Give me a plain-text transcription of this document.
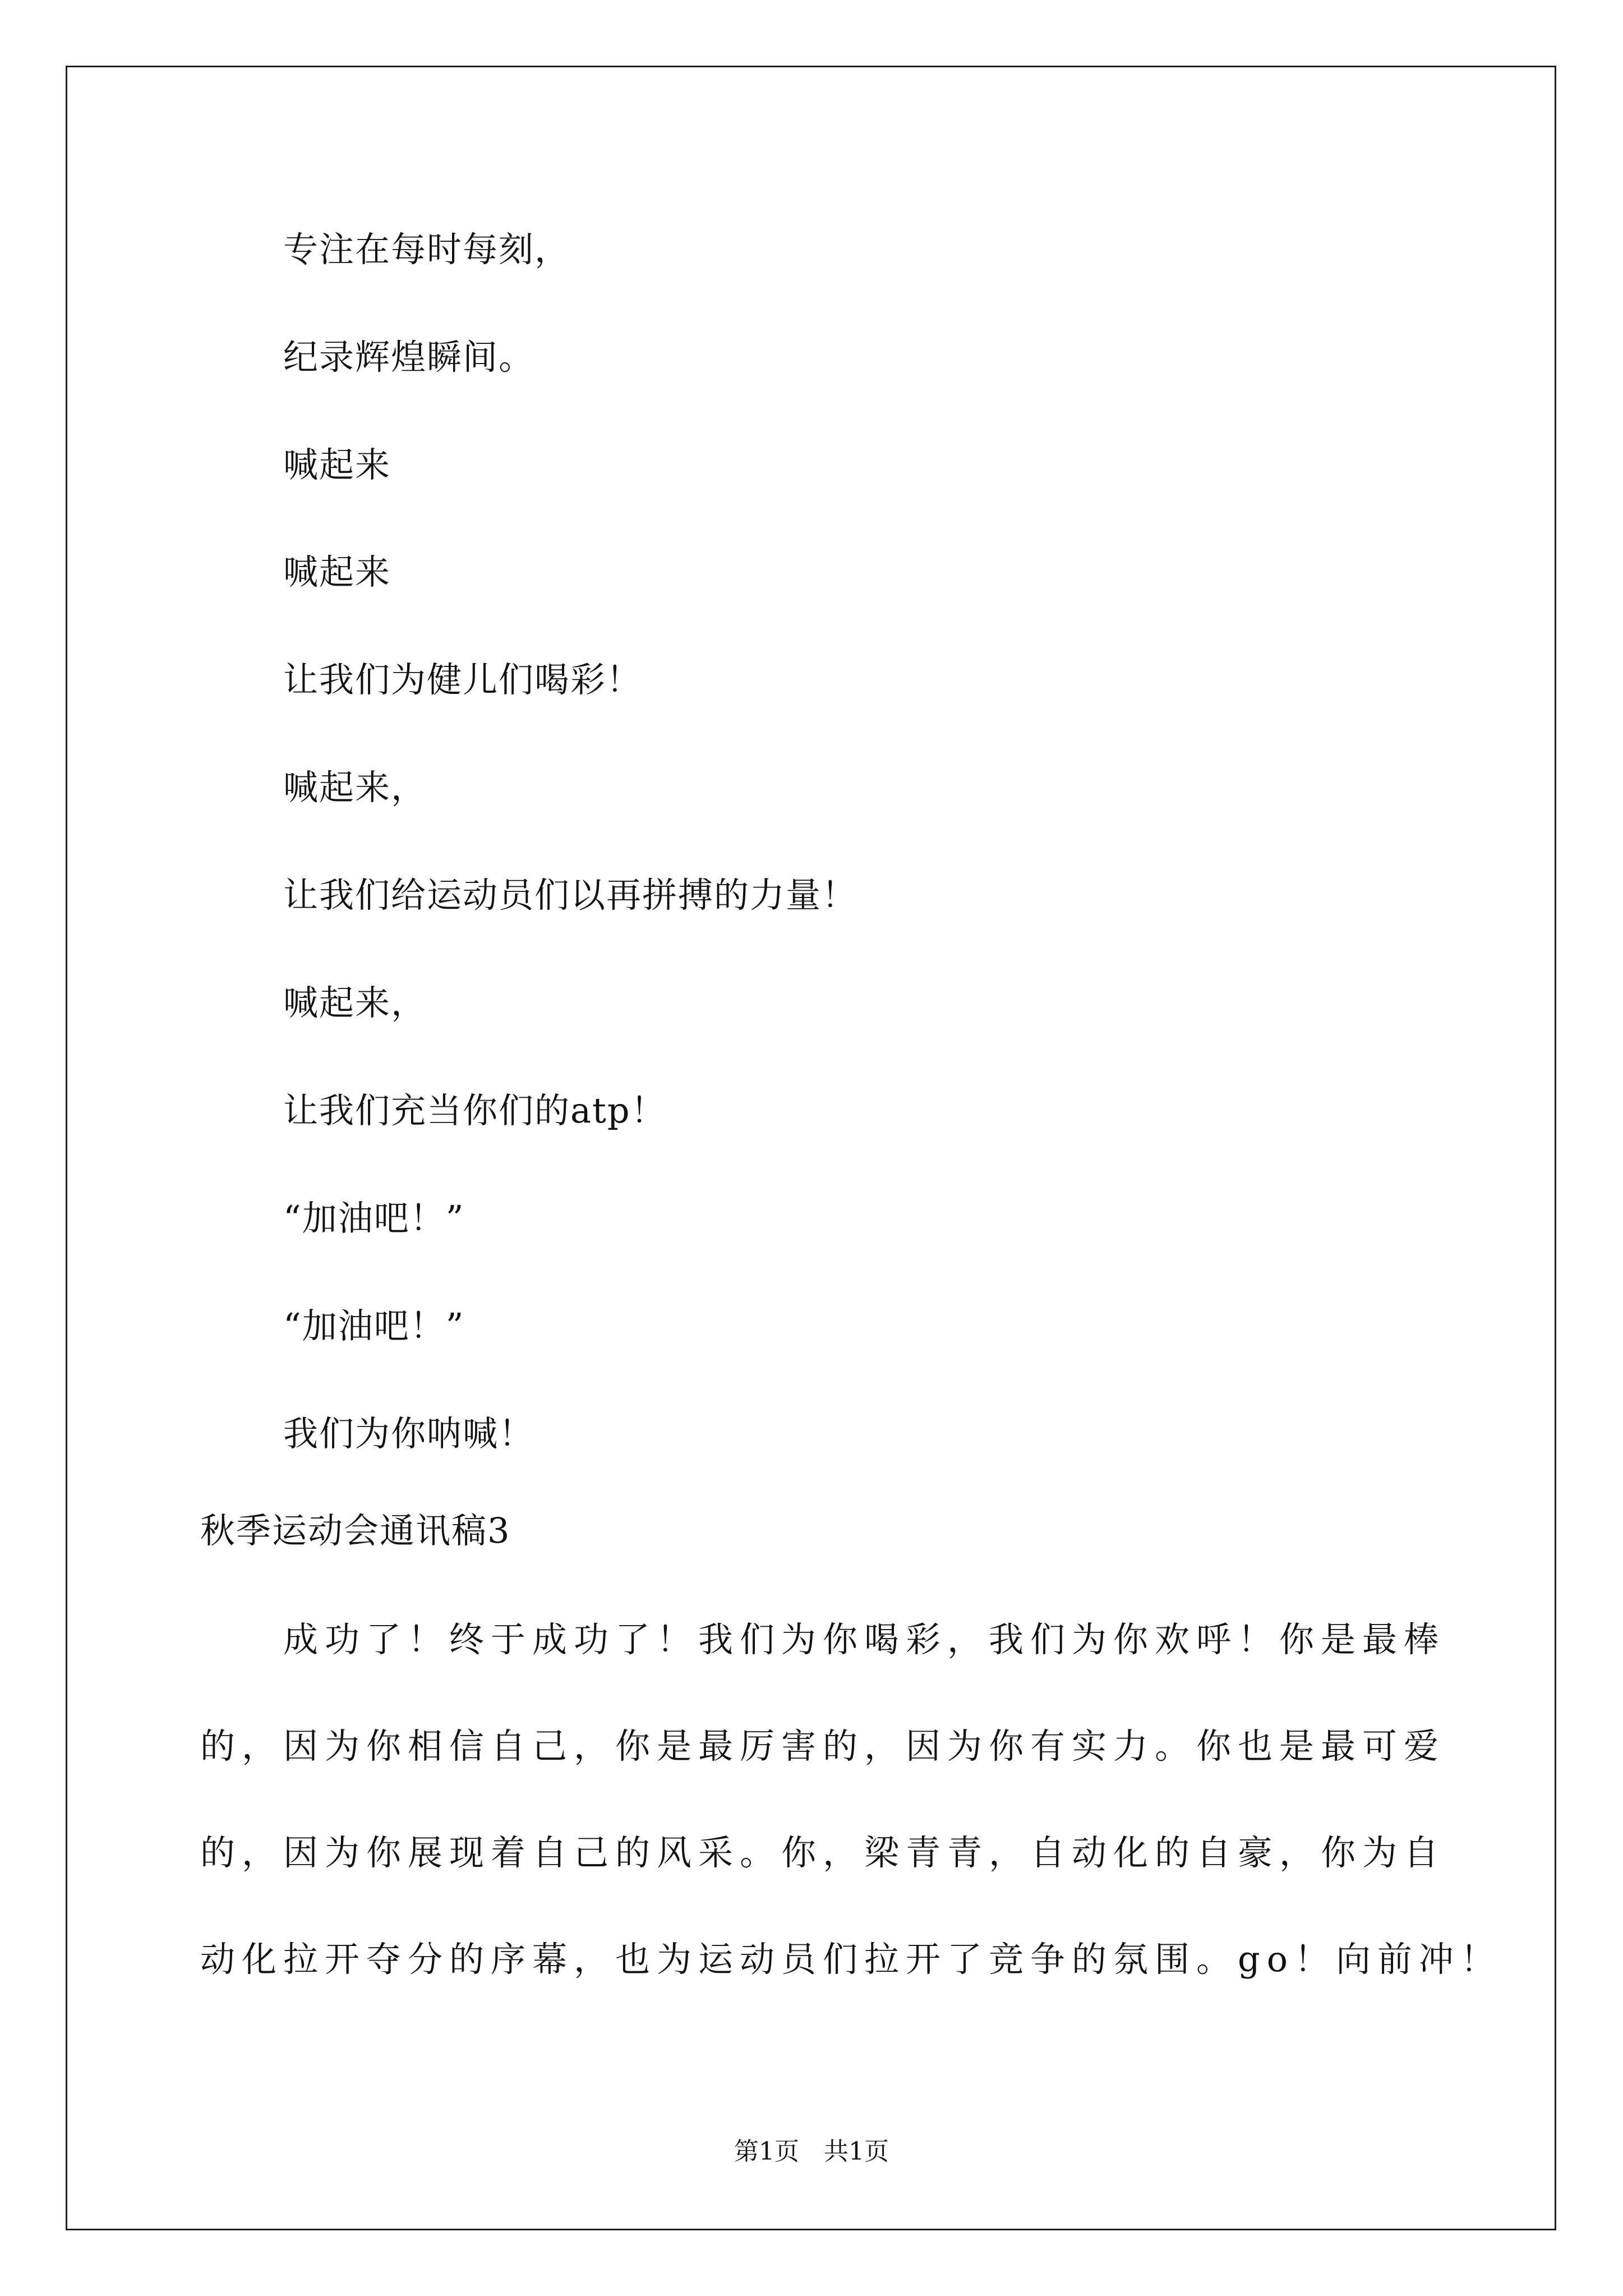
专注在每时每刻，
纪录辉煌瞬间。
喊起来
喊起来
让我们为健儿们喝彩！
喊起来，
让我们给运动员们以再拼搏的力量！
喊起来，
让我们充当你们的atp！
“加油吧！”
“加油吧！”
我们为你呐喊！
秋季运动会通讯稿3
成功了！终于成功了！我们为你喝彩，我们为你欢呼！你是最棒
的，因为你相信自己，你是最厉害的，因为你有实力。你也是最可爱
的，因为你展现着自己的风采。你，梁青青，自动化的自豪，你为自
动化拉开夺分的序幕，也为运动员们拉开了竞争的氛围。go！向前冲！
第1页　共1页
